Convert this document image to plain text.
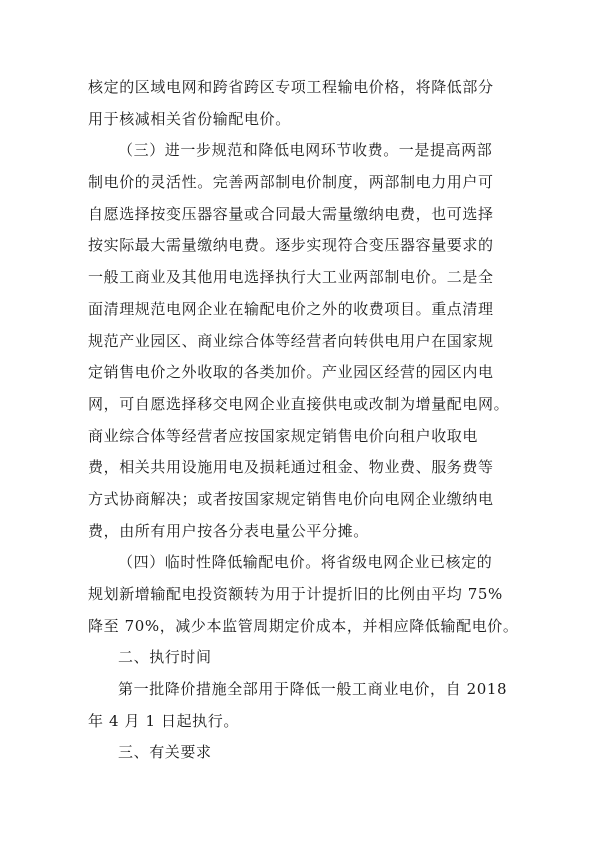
核定的区域电网和跨省跨区专项工程输电价格，将降低部分
用于核减相关省份输配电价。
（三）进一步规范和降低电网环节收费。一是提高两部
制电价的灵活性。完善两部制电价制度，两部制电力用户可
自愿选择按变压器容量或合同最大需量缴纳电费，也可选择
按实际最大需量缴纳电费。逐步实现符合变压器容量要求的
一般工商业及其他用电选择执行大工业两部制电价。二是全
面清理规范电网企业在输配电价之外的收费项目。重点清理
规范产业园区、商业综合体等经营者向转供电用户在国家规
定销售电价之外收取的各类加价。产业园区经营的园区内电
网，可自愿选择移交电网企业直接供电或改制为增量配电网。
商业综合体等经营者应按国家规定销售电价向租户收取电
费，相关共用设施用电及损耗通过租金、物业费、服务费等
方式协商解决；或者按国家规定销售电价向电网企业缴纳电
费，由所有用户按各分表电量公平分摊。
（四）临时性降低输配电价。将省级电网企业已核定的
规划新增输配电投资额转为用于计提折旧的比例由平均 75%
降至 70%，减少本监管周期定价成本，并相应降低输配电价。
二、执行时间
第一批降价措施全部用于降低一般工商业电价，自 2018
年 4 月 1 日起执行。
三、有关要求
